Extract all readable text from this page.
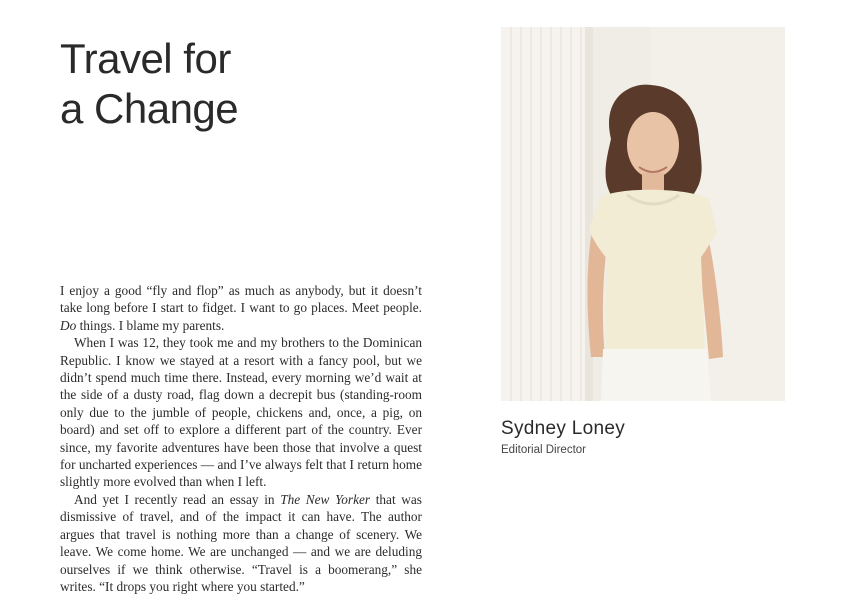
Travel for
a Change

I enjoy a good “fly and flop” as much as anybody, but it doesn’t take long before I start to fidget. I want to go places. Meet people. Do things. I blame my parents.

When I was 12, they took me and my brothers to the Dominican Republic. I know we stayed at a resort with a fancy pool, but we didn’t spend much time there. Instead, every morning we’d wait at the side of a dusty road, flag down a decrepit bus (standing-room only due to the jumble of people, chickens and, once, a pig, on board) and set off to explore a different part of the country. Ever since, my favorite adventures have been those that involve a quest for uncharted experiences — and I’ve always felt that I return home slightly more evolved than when I left.

And yet I recently read an essay in The New Yorker that was dismissive of travel, and of the impact it can have. The author argues that travel is nothing more than a change of scenery. We leave. We come home. We are unchanged — and we are deluding ourselves if we think otherwise. “Travel is a boomerang,” she writes. “It drops you right where you started.”

Sydney Loney
Editorial Director
